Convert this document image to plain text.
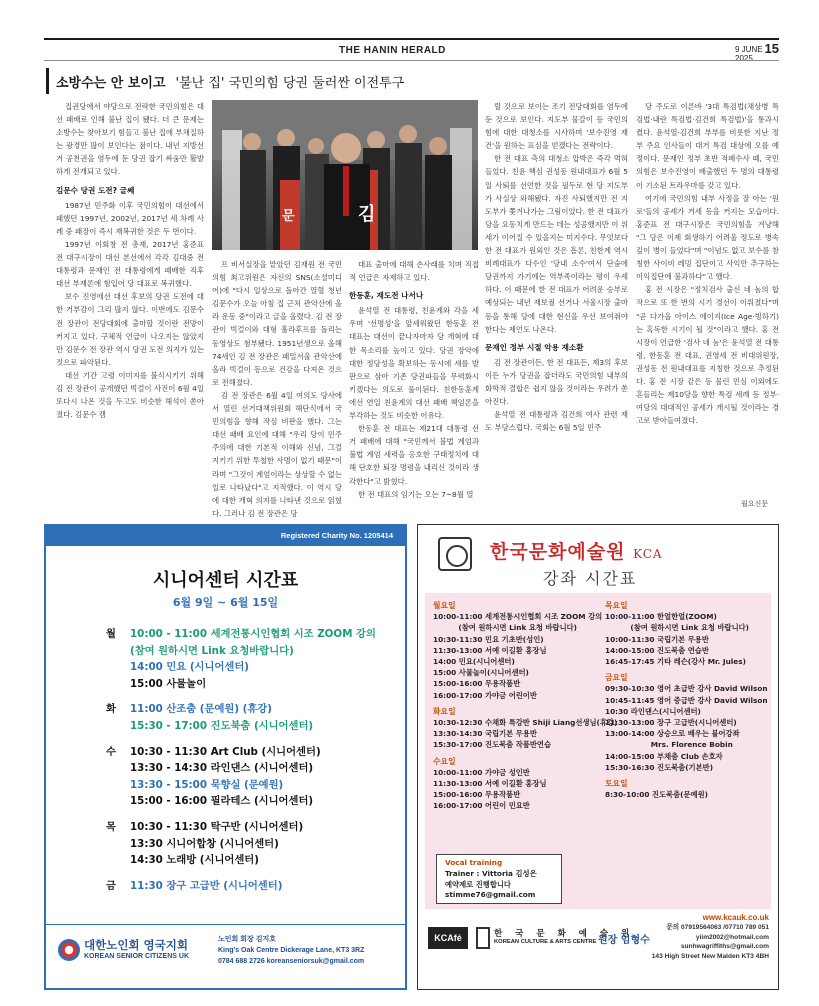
THE HANIN HERALD	9 JUNE 2025
15
소방수는 안 보이고 '불난 집' 국민의힘 당권 둘러싼 이전투구
김
문

집권당에서 야당으로 전락한 국민의힘은 대선 패배로 인해 불난 집이 됐다. 더 큰 문제는 소방수는 찾아보기 힘들고 불난 집에 부채질하는 광경만 많이 보인다는 점이다. 내년 지방선거 공천권을 염두에 둔 당권 잡기 싸움만 활발하게 전개되고 있다.

김문수 당권 도전? 글쎄

1987년 민주화 이후 국민의힘이 대선에서 패했던 1997년, 2002년, 2017년 세 차례 사례 중 패장이 즉시 재복귀한 것은 두 번이다.

1997년 이회창 전 총재, 2017년 홍준표 전 대구시장이 대선 본선에서 각각 김대중 전 대통령과 문재인 전 대통령에게 패배한 직후 대선 부재론에 힘입어 당 대표로 복귀했다.

보수 진영에선 대선 후보의 당권 도전에 대한 거부감이 그리 많지 않다. 이번에도 김문수 전 장관이 전당대회에 출마할 것이란 전망이 커지고 있다. 구체적 언급이 나오지는 않았지만 김문수 전 장관 역시 당권 도전 의지가 있는 것으로 파악된다.

대선 기간 고령 이미지를 불식시키기 위해 김 전 장관이 공개했던 빅걸이 사진이 6월 4일 또다시 나온 것을 두고도 비슷한 해석이 쏟아졌다. 김문수 캠

프 비서실장을 맡았던 김재원 전 국민의힘 최고위원은 자신의 SNS(소셜미디어)에 "다시 일상으로 돌아간 열혈 청년 김문수가 오늘 아침 집 근처 관악산에 올라 운동 중"이라고 글을 올렸다. 김 전 장관이 빅걸이와 대형 훌라후프를 돌리는 동영상도 첨부됐다. 1951년생으로 올해 74세인 김 전 장관은 패밀서울 관악산에 올라 빅걸이 등으로 건강을 다져온 것으로 전해졌다.

김 전 장관은 6월 4일 여의도 당사에서 열린 선거대책위원회 해단식에서 국민의힘을 향해 작심 비판을 했다. 그는 대선 패배 요인에 대해 "우리 당이 민주주의에 대한 기본적 이해와 신념, 그걸 지키기 위한 투철한 사명이 없기 때문"이라며 "그것이 계엄이라는 상상할 수 없는 일로 나타났다"고 지적했다. 이 역시 당에 대한 개혁 의지를 나타낸 것으로 읽혔다. 그러나 김 전 장관은 당

대표 출마에 대해 손사래를 치며 직접적 언급은 자제하고 있다.

한동훈, 재도전 나서나

윤석열 전 대통령, 친윤계와 각을 세우며 '선명성'을 앞세워왔던 한동훈 전 대표는 대선이 끝나자마자 당 개혁에 대한 목소리를 높이고 있다. 당권 장악에 대한 정당성을 확보하는 동시에 세를 발판으로 삼아 기존 당권파들을 무력화시키겠다는 의도로 풀이된다. 친한동훈계에선 연일 친윤계의 대선 패배 책임론을 부각하는 것도 비슷한 이유다.

한동훈 전 대표는 제21대 대통령 선거 패배에 대해 "국민께서 불법 계엄과 불법 계엄 세력을 옹호한 구태정치에 대해 단호한 퇴장 명령을 내리신 것이라 생각한다"고 밝혔다.

한 전 대표의 임기는 오는 7~8월 열

릴 것으로 보이는 조기 전당대회를 염두에 둔 것으로 보인다. 지도부 물갈이 등 국민의힘에 대한 대청소를 시사하며 '보수진영 재건'을 원하는 표심을 얻겠다는 전략이다.

한 전 대표 측의 대청소 압박은 즉각 먹혀들었다. 친윤 핵심 권성동 원내대표가 6월 5일 사퇴를 선언한 것을 필두로 현 당 지도부가 사실상 와해됐다. 자진 사퇴했지만 전 지도부가 쫓겨나가는 그림이었다. 한 전 대표가 당을 요동치게 만드는 데는 성공했지만 이 위세가 이어질 수 있을지는 미지수다. 무엇보다 한 전 대표가 원외인 것은 흠론, 친한계 역시 비례대표가 다수인 '당내 소수'여서 단숨에 당권까지 가기에는 역부족이라는 평이 우세하다. 이 때문에 한 전 대표가 어려운 승부로 예상되는 내년 재보궐 선거나 서울시장 출마 등을 통해 당에 대한 현신을 우선 보여줘야 한다는 제언도 나온다.

문재인 정부 시절 악용 재소환

김 전 장관이든, 한 전 대표든, 제3의 후보이든 누가 당권을 잡더라도 국민의힘 내부의 화학적 결합은 쉽지 않을 것이라는 우려가 쏟아진다.

윤석열 전 대통령과 김건희 여사 관련 재도 부담스럽다. 국회는 6월 5일 민주

당 주도로 이른바 '3대 특검법(채상병 특검법·내란 특검법·김건희 특검법)'을 통과시켰다. 윤석열·김건희 부부를 비롯한 지난 정부 주요 인사들이 대거 특검 대상에 오를 예정이다. 문재인 정부 초반 적폐수사 때, 국민의힘은 보수진영이 배출했던 두 명의 대통령이 기소된 트라우마를 갖고 있다.

여기에 국민의힘 내부 사정을 잘 아는 '원로'들의 공세가 거세 등을 커지는 모습이다. 홍준표 전 대구시장은 국민의힘을 겨냥해 "그 당은 이제 회생하기 어려울 정도로 병속 깊이 병이 들었다"며 "이념도 없고 보수를 참칭한 사이비 레밍 집단이고 사익만 추구하는 이익집단에 불과하다"고 했다.

홍 전 시장은 "정치검사 출신 네 놈의 합작으로 또 한 번의 시기 경선이 이뤄졌다"며 "곧 다가올 아이스 에이지(Ice Age·빙하기)는 혹독한 시기이 될 것"이라고 했다. 홍 전 시장이 언급한 '검사 네 놈'은 윤석열 전 대통령, 한동훈 전 대표, 권영세 전 비대위원장, 권성동 전 원내대표를 지칭한 것으로 추정된다. 홍 전 시장 같은 등 물린 민심 이외에도 흔들리는 제10당을 향한 특검 세례 등 정부·여당의 대대적인 공세가 개시될 것이라는 경고로 받아들여졌다.

월요신문
Registered Charity No. 1205414
시니어센터 시간표
6월 9일 ~ 6월 15일
월 10:00 - 11:00 세계전통시인협회 시조 ZOOM 강의
(참여 원하시면 Link 요청바랍니다)
14:00 민요 (시니어센터)
15:00 사물놀이
화 11:00 산조춤 (문예원) (휴강)
15:30 - 17:00 진도북춤 (시니어센터)
수 10:30 - 11:30 Art Club (시니어센터)
13:30 - 14:30 라인댄스 (시니어센터)
13:30 - 15:00 묵향실 (문예원)
15:00 - 16:00 필라테스 (시니어센터)
목 10:30 - 11:30 탁구반 (시니어센터)
13:30 시니어합창 (시니어센터)
14:30 노래방 (시니어센터)
금 11:30 장구 고급반 (시니어센터)
대한노인회 영국지회
KOREAN SENIOR CITIZENS UK
노인회 회장 김지호
King's Oak Centre Dickerage Lane, KT3 3RZ
0784 688 2726 koreanseniorsuk@gmail.com
한국문화예술원 KCA
강좌 시간표
월요일
10:00-11:00 세계전통시인협회 시조 ZOOM 강의
(참여 원하시면 Link 요청 바랍니다)
10:30-11:30 민요 기초반(성인)
11:30-13:00 서예 이길환 홍장님
14:00 민요(시니어센터)
15:00 사물놀이(시니어센터)
15:00-16:00 무용작품반
16:00-17:00 가야금 어린이반
화요일
10:30-12:30 수채화 특강반 Shiji Liang선생님(휴강)
13:30-14:30 국립기본 무용반
15:30-17:00 진도북춤 작품반연습
수요일
10:00-11:00 가야금 성인반
11:30-13:00 서예 이길환 홍장님
15:00-16:00 무용작품반
16:00-17:00 어린이 민요반
목요일
10:00-11:00 한얼한얼(ZOOM)
(참여 원하시면 Link 요청 바랍니다)
10:00-11:30 국립기본 무용반
14:00-15:00 진도북춤 연습반
16:45-17:45 기타 레슨(강사 Mr. Jules)
금요일
09:30-10:30 영어 초급반 강사 David Wilson
10:45-11:45 영어 중급반 강사 David Wilson
10:30 라인댄스(시니어센터)
11:30-13:00 장구 고급반(시니어센터)
13:00-14:00 상승으로 배우는 불어강좌
Mrs. Florence Bobin
14:00-15:00 부채춤 Club 손호자
15:30-16:30 진도북춤(기본반)
토요일
8:30-10:00 진도북춤(문예원)
Vocal training
Trainer : Vittoria 김성은
예약제로 진행합니다
stimme76@gmail.com
KCAfé	한 국 문 화 예 술 원
KOREAN CULTURE & ARTS CENTRE 원장 임형수
www.kcauk.co.uk
문의 07919564063 /07710 789 051
yiim2002@hotmail.com
sunhwagriffiths@gmail.com
143 High Street New Malden KT3 4BH
